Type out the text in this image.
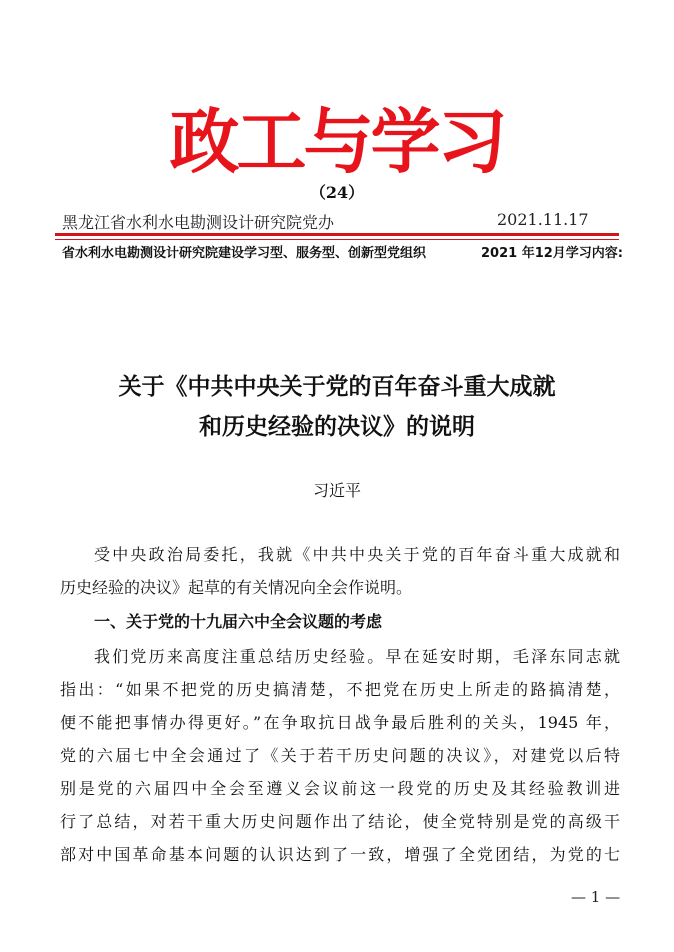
政工与学习
（24）
黑龙江省水利水电勘测设计研究院党办	2021.11.17
省水利水电勘测设计研究院建设学习型、服务型、创新型党组织	2021 年12月学习内容:
关于《中共中央关于党的百年奋斗重大成就
和历史经验的决议》的说明
习近平
受中央政治局委托，我就《中共中央关于党的百年奋斗重大成就和
历史经验的决议》起草的有关情况向全会作说明。
一、关于党的十九届六中全会议题的考虑
我们党历来高度注重总结历史经验。早在延安时期，毛泽东同志就
指出：“如果不把党的历史搞清楚，不把党在历史上所走的路搞清楚，
便不能把事情办得更好。”在争取抗日战争最后胜利的关头，1945 年，
党的六届七中全会通过了《关于若干历史问题的决议》，对建党以后特
别是党的六届四中全会至遵义会议前这一段党的历史及其经验教训进
行了总结，对若干重大历史问题作出了结论，使全党特别是党的高级干
部对中国革命基本问题的认识达到了一致，增强了全党团结，为党的七
— 1 —
